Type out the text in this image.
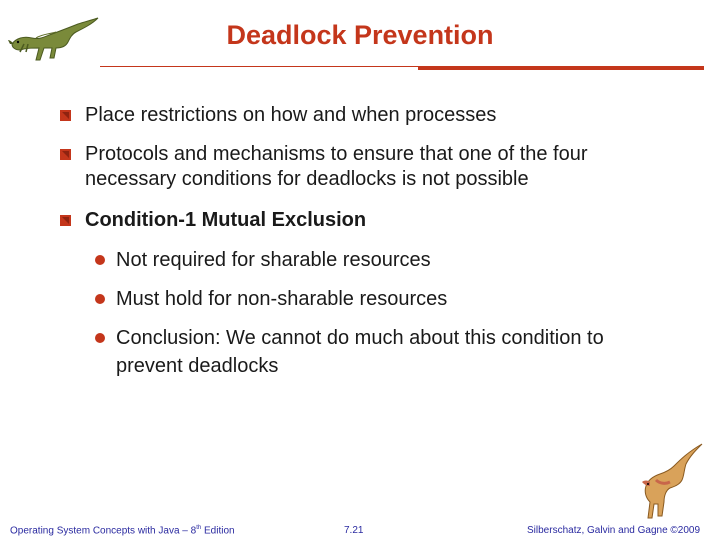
Deadlock Prevention
Place restrictions on how and when processes
Protocols and mechanisms to ensure that one of the four necessary conditions for deadlocks is not possible
Condition-1 Mutual Exclusion
Not required for sharable resources
Must hold for non-sharable resources
Conclusion: We cannot do much about this condition to prevent deadlocks
Operating System Concepts with Java – 8th Edition	7.21	Silberschatz, Galvin and Gagne ©2009
